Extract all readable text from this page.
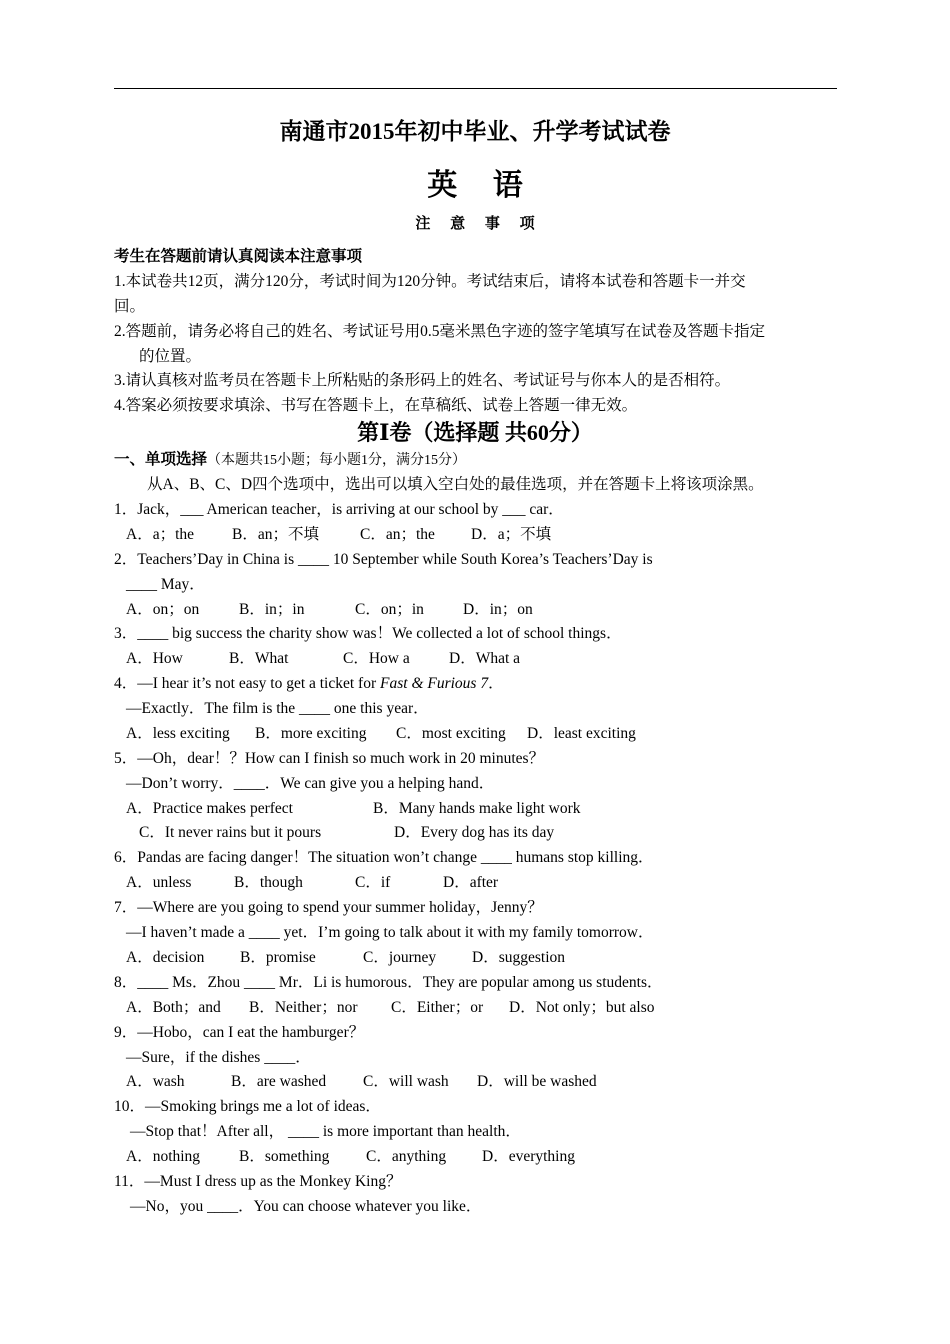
南通市2015年初中毕业、升学考试试卷
英 语
注 意 事 项
考生在答题前请认真阅读本注意事项
1.本试卷共12页，满分120分，考试时间为120分钟。考试结束后，请将本试卷和答题卡一并交
回。
2.答题前，请务必将自己的姓名、考试证号用0.5毫米黑色字迹的签字笔填写在试卷及答题卡指定
的位置。
3.请认真核对监考员在答题卡上所粘贴的条形码上的姓名、考试证号与你本人的是否相符。
4.答案必须按要求填涂、书写在答题卡上，在草稿纸、试卷上答题一律无效。
第Ⅰ卷（选择题 共60分）
一、单项选择（本题共15小题；每小题1分，满分15分）
从A、B、C、D四个选项中，选出可以填入空白处的最佳选项，并在答题卡上将该项涂黑。
1．Jack，___ American teacher，is arriving at our school by ___ car．
A．a；the B．an；不填	C．an；the D．a；不填
2．Teachers’Day in China is ____ 10 September while South Korea’s Teachers’Day is
____ May．
A．on；on	B．in；in	C．on；in	D．in；on
3．____ big success the charity show was！We collected a lot of school things．
A．How	B．What	C．How a	D．What a
4．—I hear it’s not easy to get a ticket for Fast & Furious 7．
—Exactly．The film is the ____ one this year．
A．less exciting B．more exciting C．most exciting D．least exciting
5．—Oh，dear！？How can I finish so much work in 20 minutes？
—Don’t worry．____．We can give you a helping hand．
A．Practice makes perfect	B．Many hands make light work
C．It never rains but it pours	D．Every dog has its day
6．Pandas are facing danger！The situation won’t change ____ humans stop killing．
A．unless	B．though	C．if	D．after
7．—Where are you going to spend your summer holiday，Jenny？
—I haven’t made a ____ yet．I’m going to talk about it with my family tomorrow．
A．decision B．promise	C．journey D．suggestion
8．____ Ms．Zhou ____ Mr．Li is humorous．They are popular among us students．
A．Both；and B．Neither；nor C．Either；or D．Not only；but also
9．—Hobo，can I eat the hamburger？
—Sure，if the dishes ____．
A．wash	B．are washed C．will wash D．will be washed
10．—Smoking brings me a lot of ideas．
—Stop that！After all， ____ is more important than health．
A．nothing	B．something C．anything D．everything
11．—Must I dress up as the Monkey King？
—No，you ____．You can choose whatever you like．
